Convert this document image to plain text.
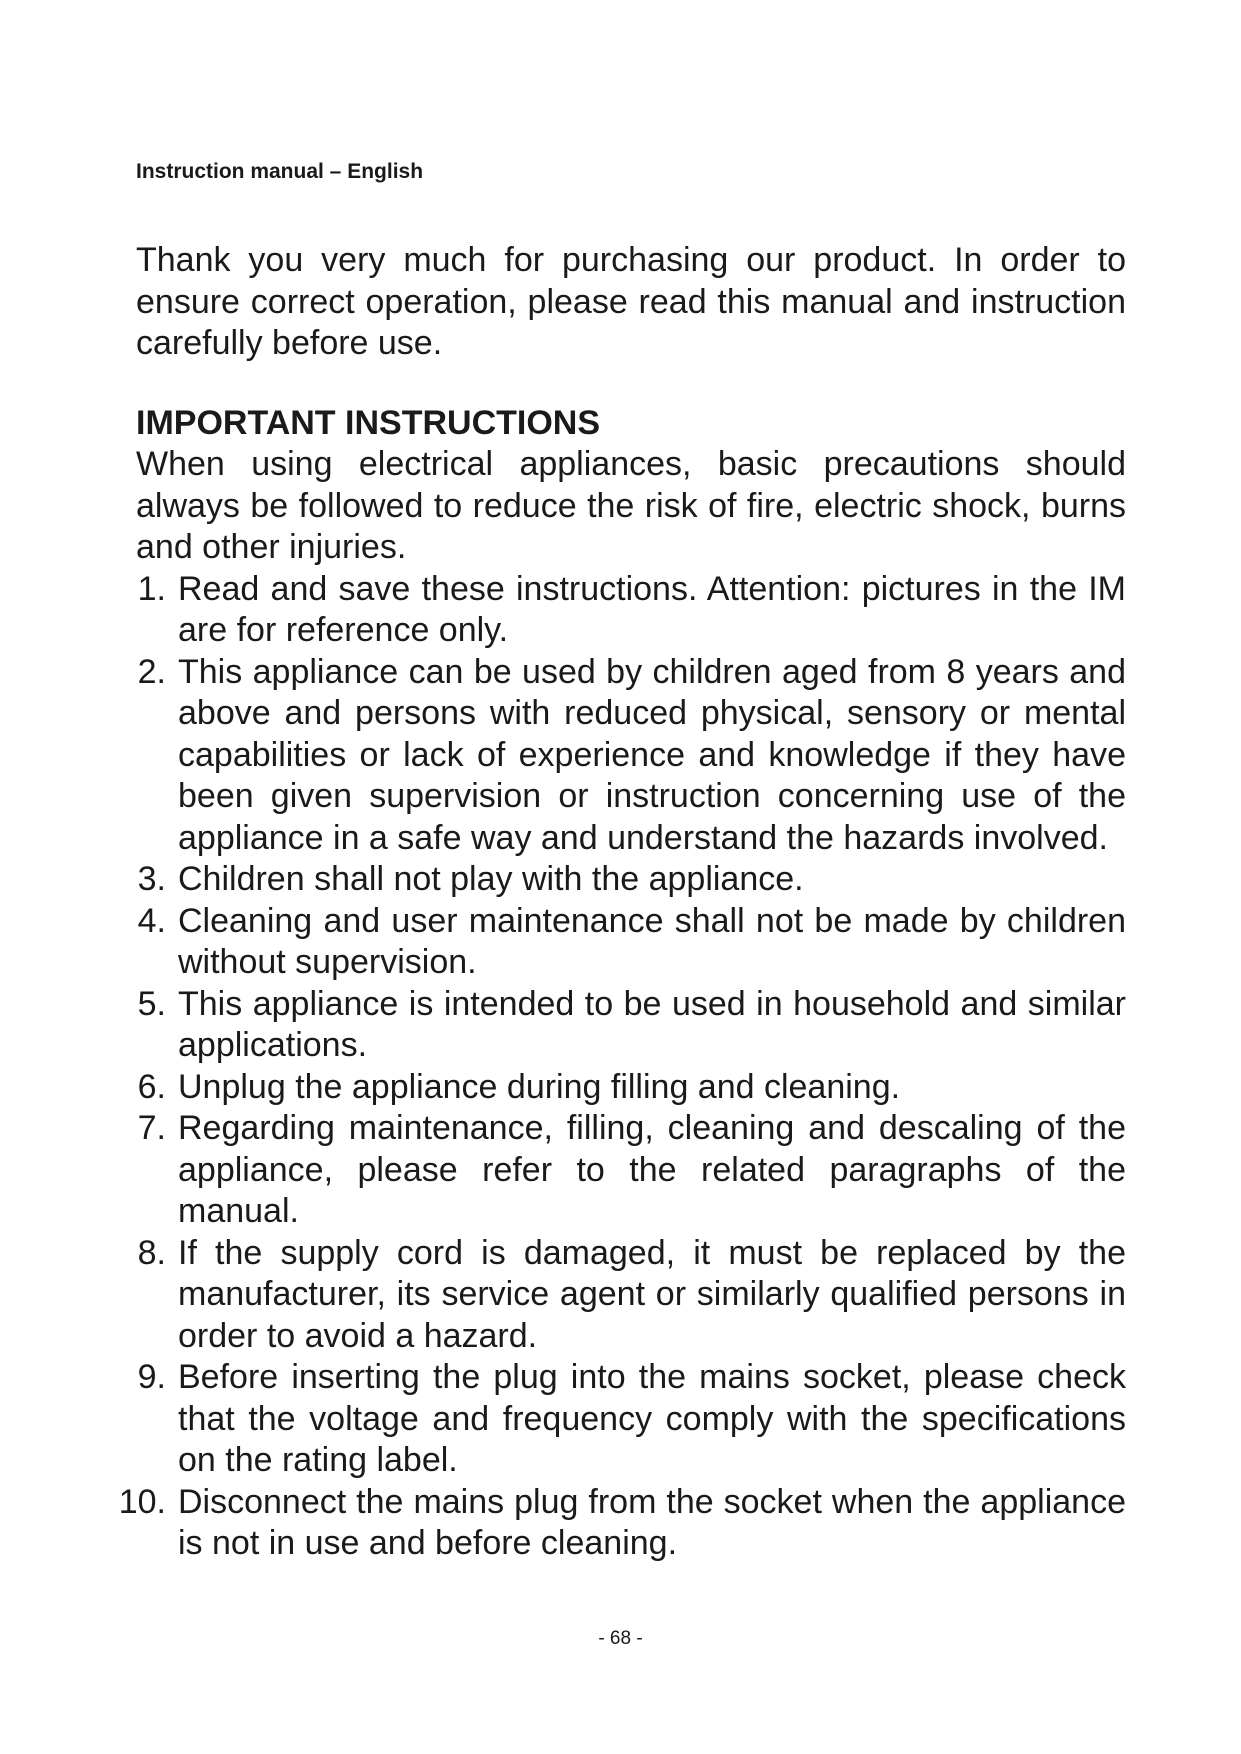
Instruction manual – English

Thank you very much for purchasing our product. In order to ensure correct operation, please read this manual and instruction carefully before use.

IMPORTANT INSTRUCTIONS

When using electrical appliances, basic precautions should always be followed to reduce the risk of fire, electric shock, burns and other injuries.

1. Read and save these instructions. Attention: pictures in the IM are for reference only.
2. This appliance can be used by children aged from 8 years and above and persons with reduced physical, sensory or mental capabilities or lack of experience and knowledge if they have been given supervision or instruction concerning use of the appliance in a safe way and understand the hazards involved.
3. Children shall not play with the appliance.
4. Cleaning and user maintenance shall not be made by children without supervision.
5. This appliance is intended to be used in household and similar applications.
6. Unplug the appliance during filling and cleaning.
7. Regarding maintenance, filling, cleaning and descaling of the appliance, please refer to the related paragraphs of the manual.
8. If the supply cord is damaged, it must be replaced by the manufacturer, its service agent or similarly qualified persons in order to avoid a hazard.
9. Before inserting the plug into the mains socket, please check that the voltage and frequency comply with the specifications on the rating label.
10. Disconnect the mains plug from the socket when the appliance is not in use and before cleaning.
- 68 -
